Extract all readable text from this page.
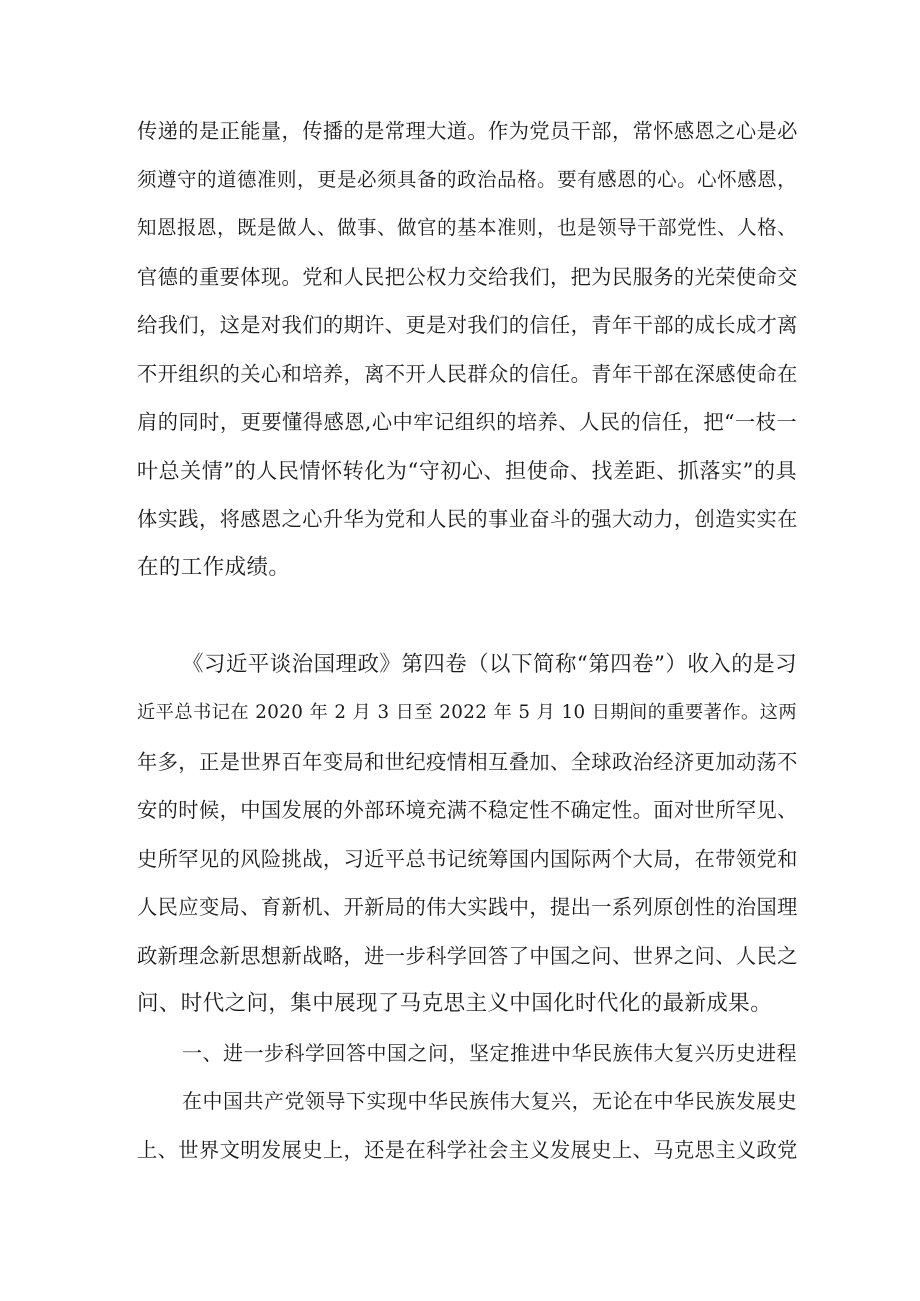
传递的是正能量，传播的是常理大道。作为党员干部，常怀感恩之心是必
须遵守的道德准则，更是必须具备的政治品格。要有感恩的心。心怀感恩，
知恩报恩，既是做人、做事、做官的基本准则，也是领导干部党性、人格、
官德的重要体现。党和人民把公权力交给我们，把为民服务的光荣使命交
给我们，这是对我们的期许、更是对我们的信任，青年干部的成长成才离
不开组织的关心和培养，离不开人民群众的信任。青年干部在深感使命在
肩的同时，更要懂得感恩,心中牢记组织的培养、人民的信任，把“一枝一
叶总关情”的人民情怀转化为“守初心、担使命、找差距、抓落实”的具
体实践，将感恩之心升华为党和人民的事业奋斗的强大动力，创造实实在
在的工作成绩。
《习近平谈治国理政》第四卷（以下简称“第四卷”）收入的是习
近平总书记在 2020 年 2 月 3 日至 2022 年 5 月 10 日期间的重要著作。这两
年多，正是世界百年变局和世纪疫情相互叠加、全球政治经济更加动荡不
安的时候，中国发展的外部环境充满不稳定性不确定性。面对世所罕见、
史所罕见的风险挑战，习近平总书记统筹国内国际两个大局，在带领党和
人民应变局、育新机、开新局的伟大实践中，提出一系列原创性的治国理
政新理念新思想新战略，进一步科学回答了中国之问、世界之问、人民之
问、时代之问，集中展现了马克思主义中国化时代化的最新成果。
一、进一步科学回答中国之问，坚定推进中华民族伟大复兴历史进程
在中国共产党领导下实现中华民族伟大复兴，无论在中华民族发展史
上、世界文明发展史上，还是在科学社会主义发展史上、马克思主义政党
